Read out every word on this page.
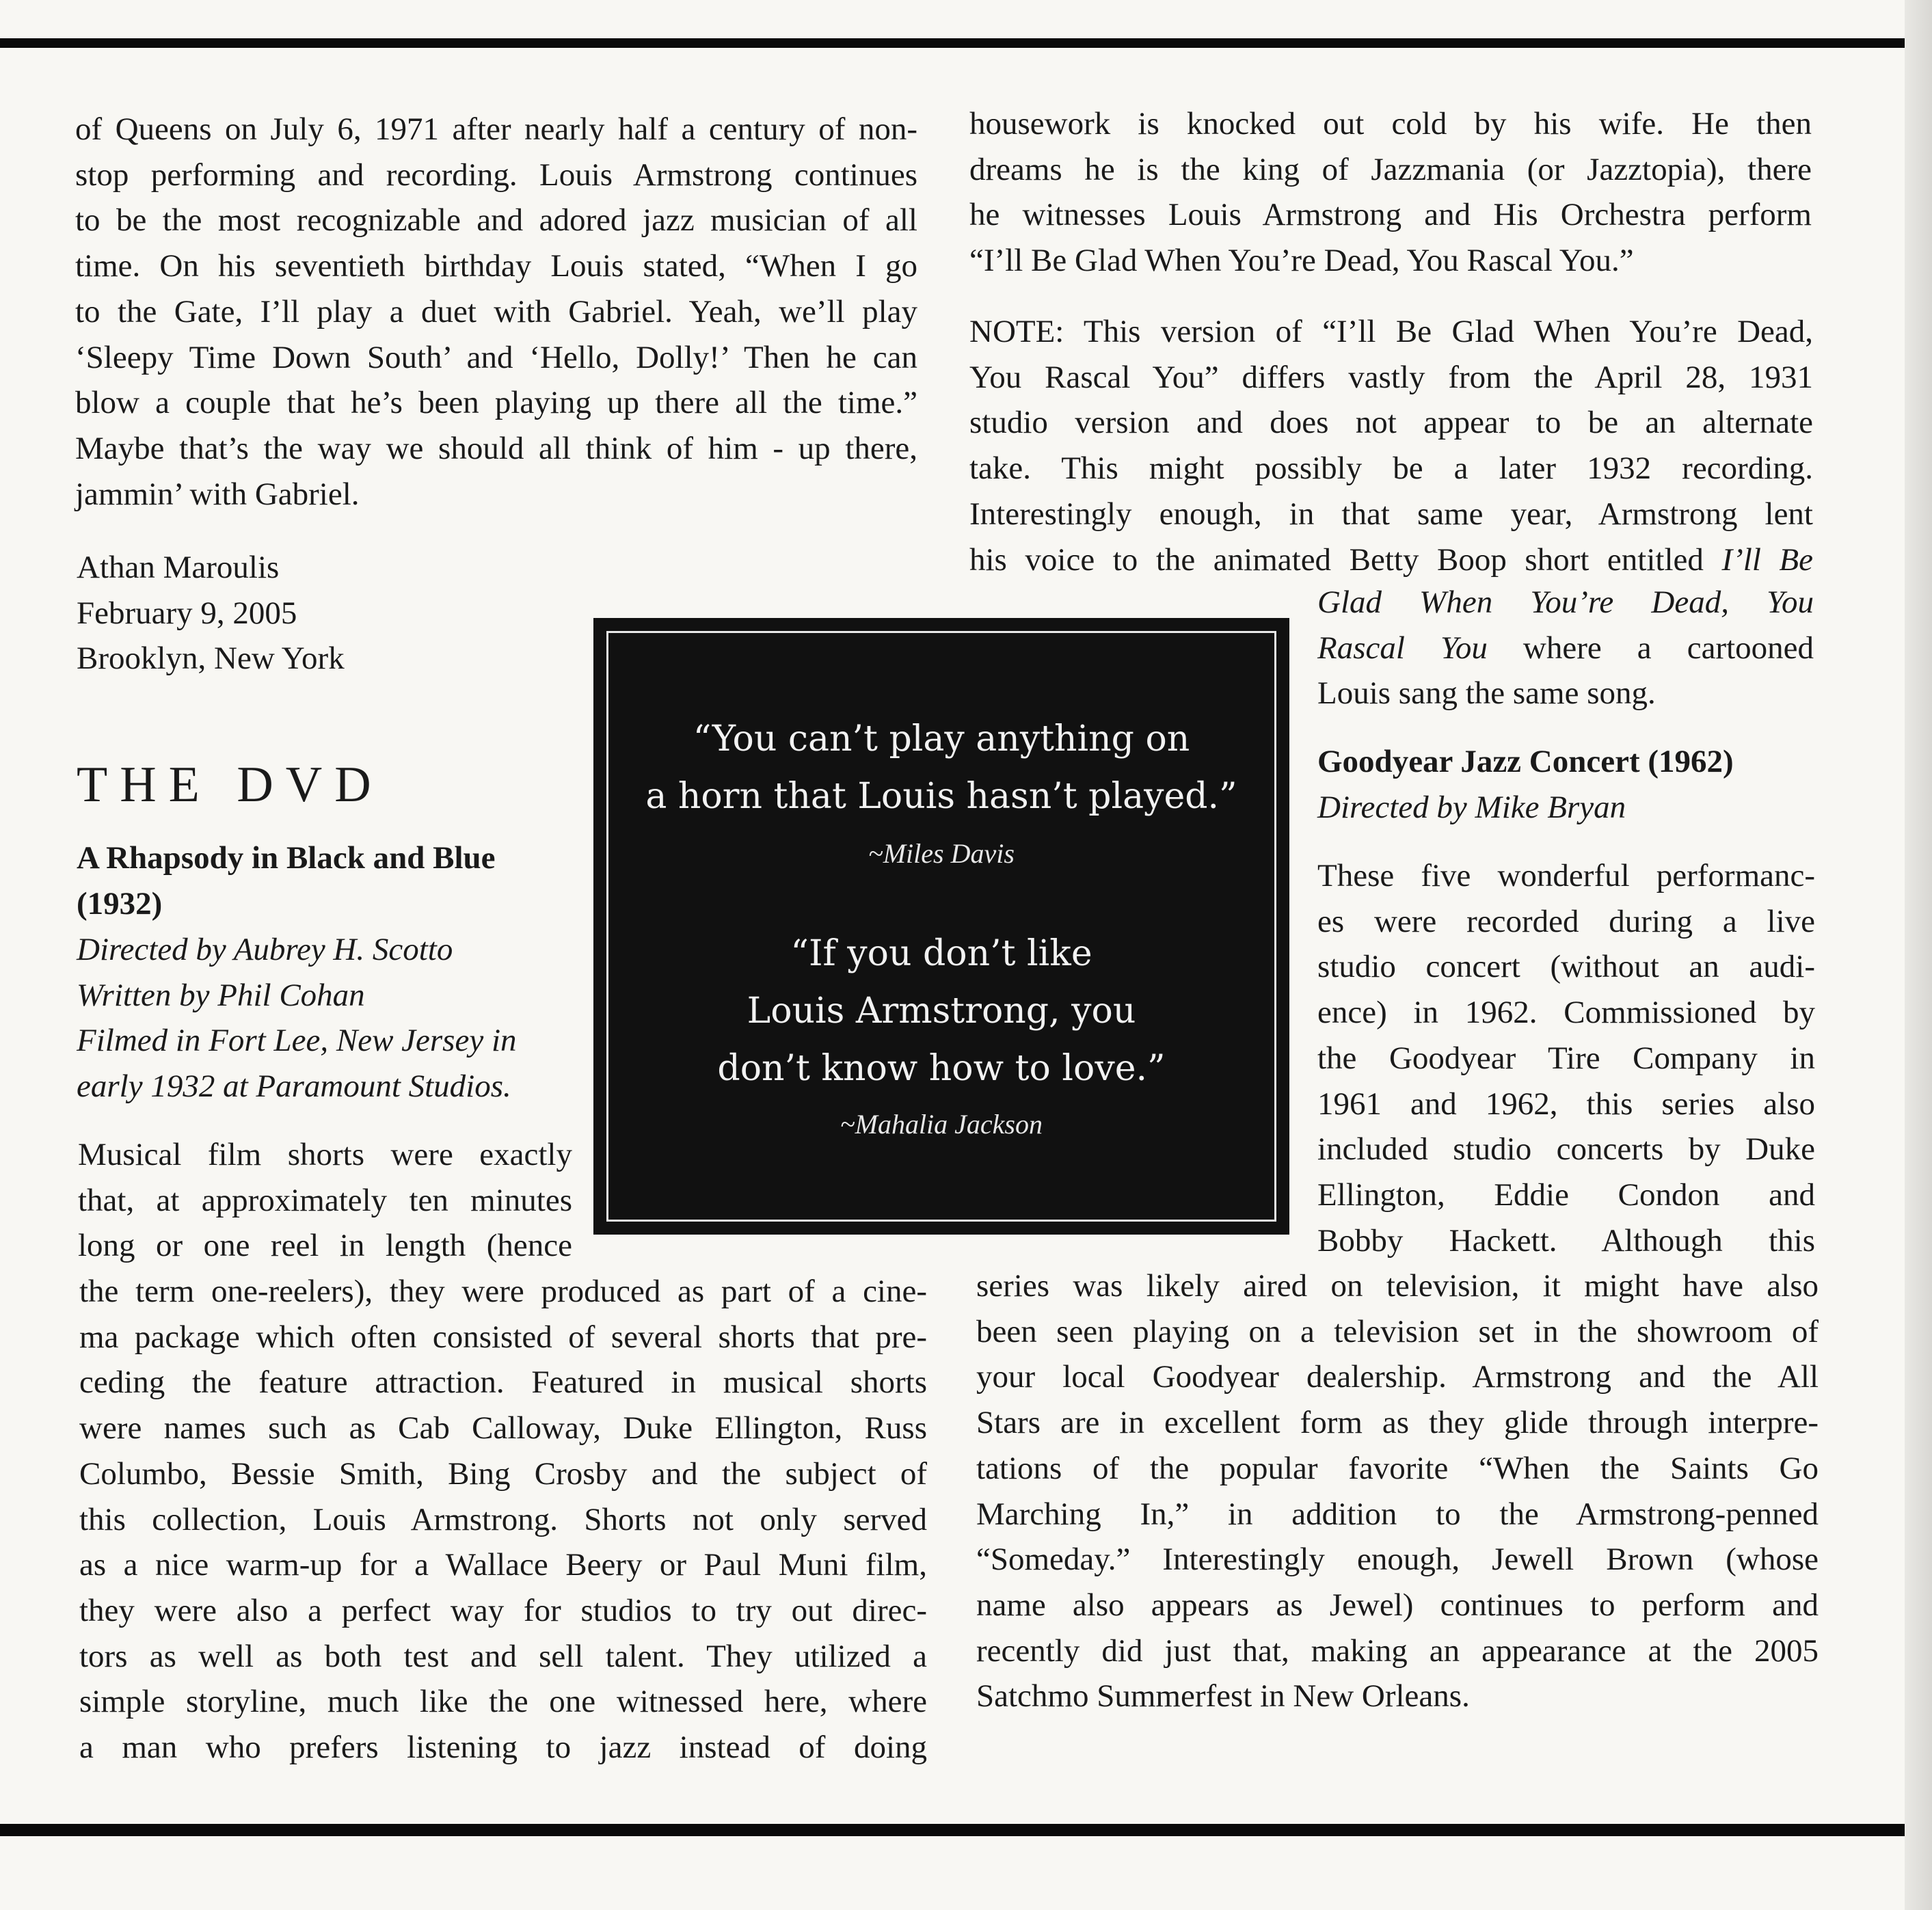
of Queens on July 6, 1971 after nearly half a century of non-
stop performing and recording. Louis Armstrong continues
to be the most recognizable and adored jazz musician of all
time. On his seventieth birthday Louis stated, “When I go
to the Gate, I’ll play a duet with Gabriel. Yeah, we’ll play
‘Sleepy Time Down South’ and ‘Hello, Dolly!’ Then he can
blow a couple that he’s been playing up there all the time.”
Maybe that’s the way we should all think of him - up there,
jammin’ with Gabriel.
Athan Maroulis
February 9, 2005
Brooklyn, New York
THE DVD
A Rhapsody in Black and Blue
(1932)
Directed by Aubrey H. Scotto
Written by Phil Cohan
Filmed in Fort Lee, New Jersey in
early 1932 at Paramount Studios.
Musical film shorts were exactly
that, at approximately ten minutes
long or one reel in length (hence
the term one-reelers), they were produced as part of a cine-
ma package which often consisted of several shorts that pre-
ceding the feature attraction. Featured in musical shorts
were names such as Cab Calloway, Duke Ellington, Russ
Columbo, Bessie Smith, Bing Crosby and the subject of
this collection, Louis Armstrong. Shorts not only served
as a nice warm-up for a Wallace Beery or Paul Muni film,
they were also a perfect way for studios to try out direc-
tors as well as both test and sell talent. They utilized a
simple storyline, much like the one witnessed here, where
a man who prefers listening to jazz instead of doing
“You can’t play anything on
a horn that Louis hasn’t played.”
~Miles Davis
“If you don’t like
Louis Armstrong, you
don’t know how to love.”
~Mahalia Jackson
housework is knocked out cold by his wife. He then
dreams he is the king of Jazzmania (or Jazztopia), there
he witnesses Louis Armstrong and His Orchestra perform
“I’ll Be Glad When You’re Dead, You Rascal You.”
NOTE: This version of “I’ll Be Glad When You’re Dead,
You Rascal You” differs vastly from the April 28, 1931
studio version and does not appear to be an alternate
take. This might possibly be a later 1932 recording.
Interestingly enough, in that same year, Armstrong lent
his voice to the animated Betty Boop short entitled I’ll Be
Glad When You’re Dead, You
Rascal You where a cartooned
Louis sang the same song.
Goodyear Jazz Concert (1962)
Directed by Mike Bryan
These five wonderful performanc-
es were recorded during a live
studio concert (without an audi-
ence) in 1962. Commissioned by
the Goodyear Tire Company in
1961 and 1962, this series also
included studio concerts by Duke
Ellington, Eddie Condon and
Bobby Hackett. Although this
series was likely aired on television, it might have also
been seen playing on a television set in the showroom of
your local Goodyear dealership. Armstrong and the All
Stars are in excellent form as they glide through interpre-
tations of the popular favorite “When the Saints Go
Marching In,” in addition to the Armstrong-penned
“Someday.” Interestingly enough, Jewell Brown (whose
name also appears as Jewel) continues to perform and
recently did just that, making an appearance at the 2005
Satchmo Summerfest in New Orleans.
